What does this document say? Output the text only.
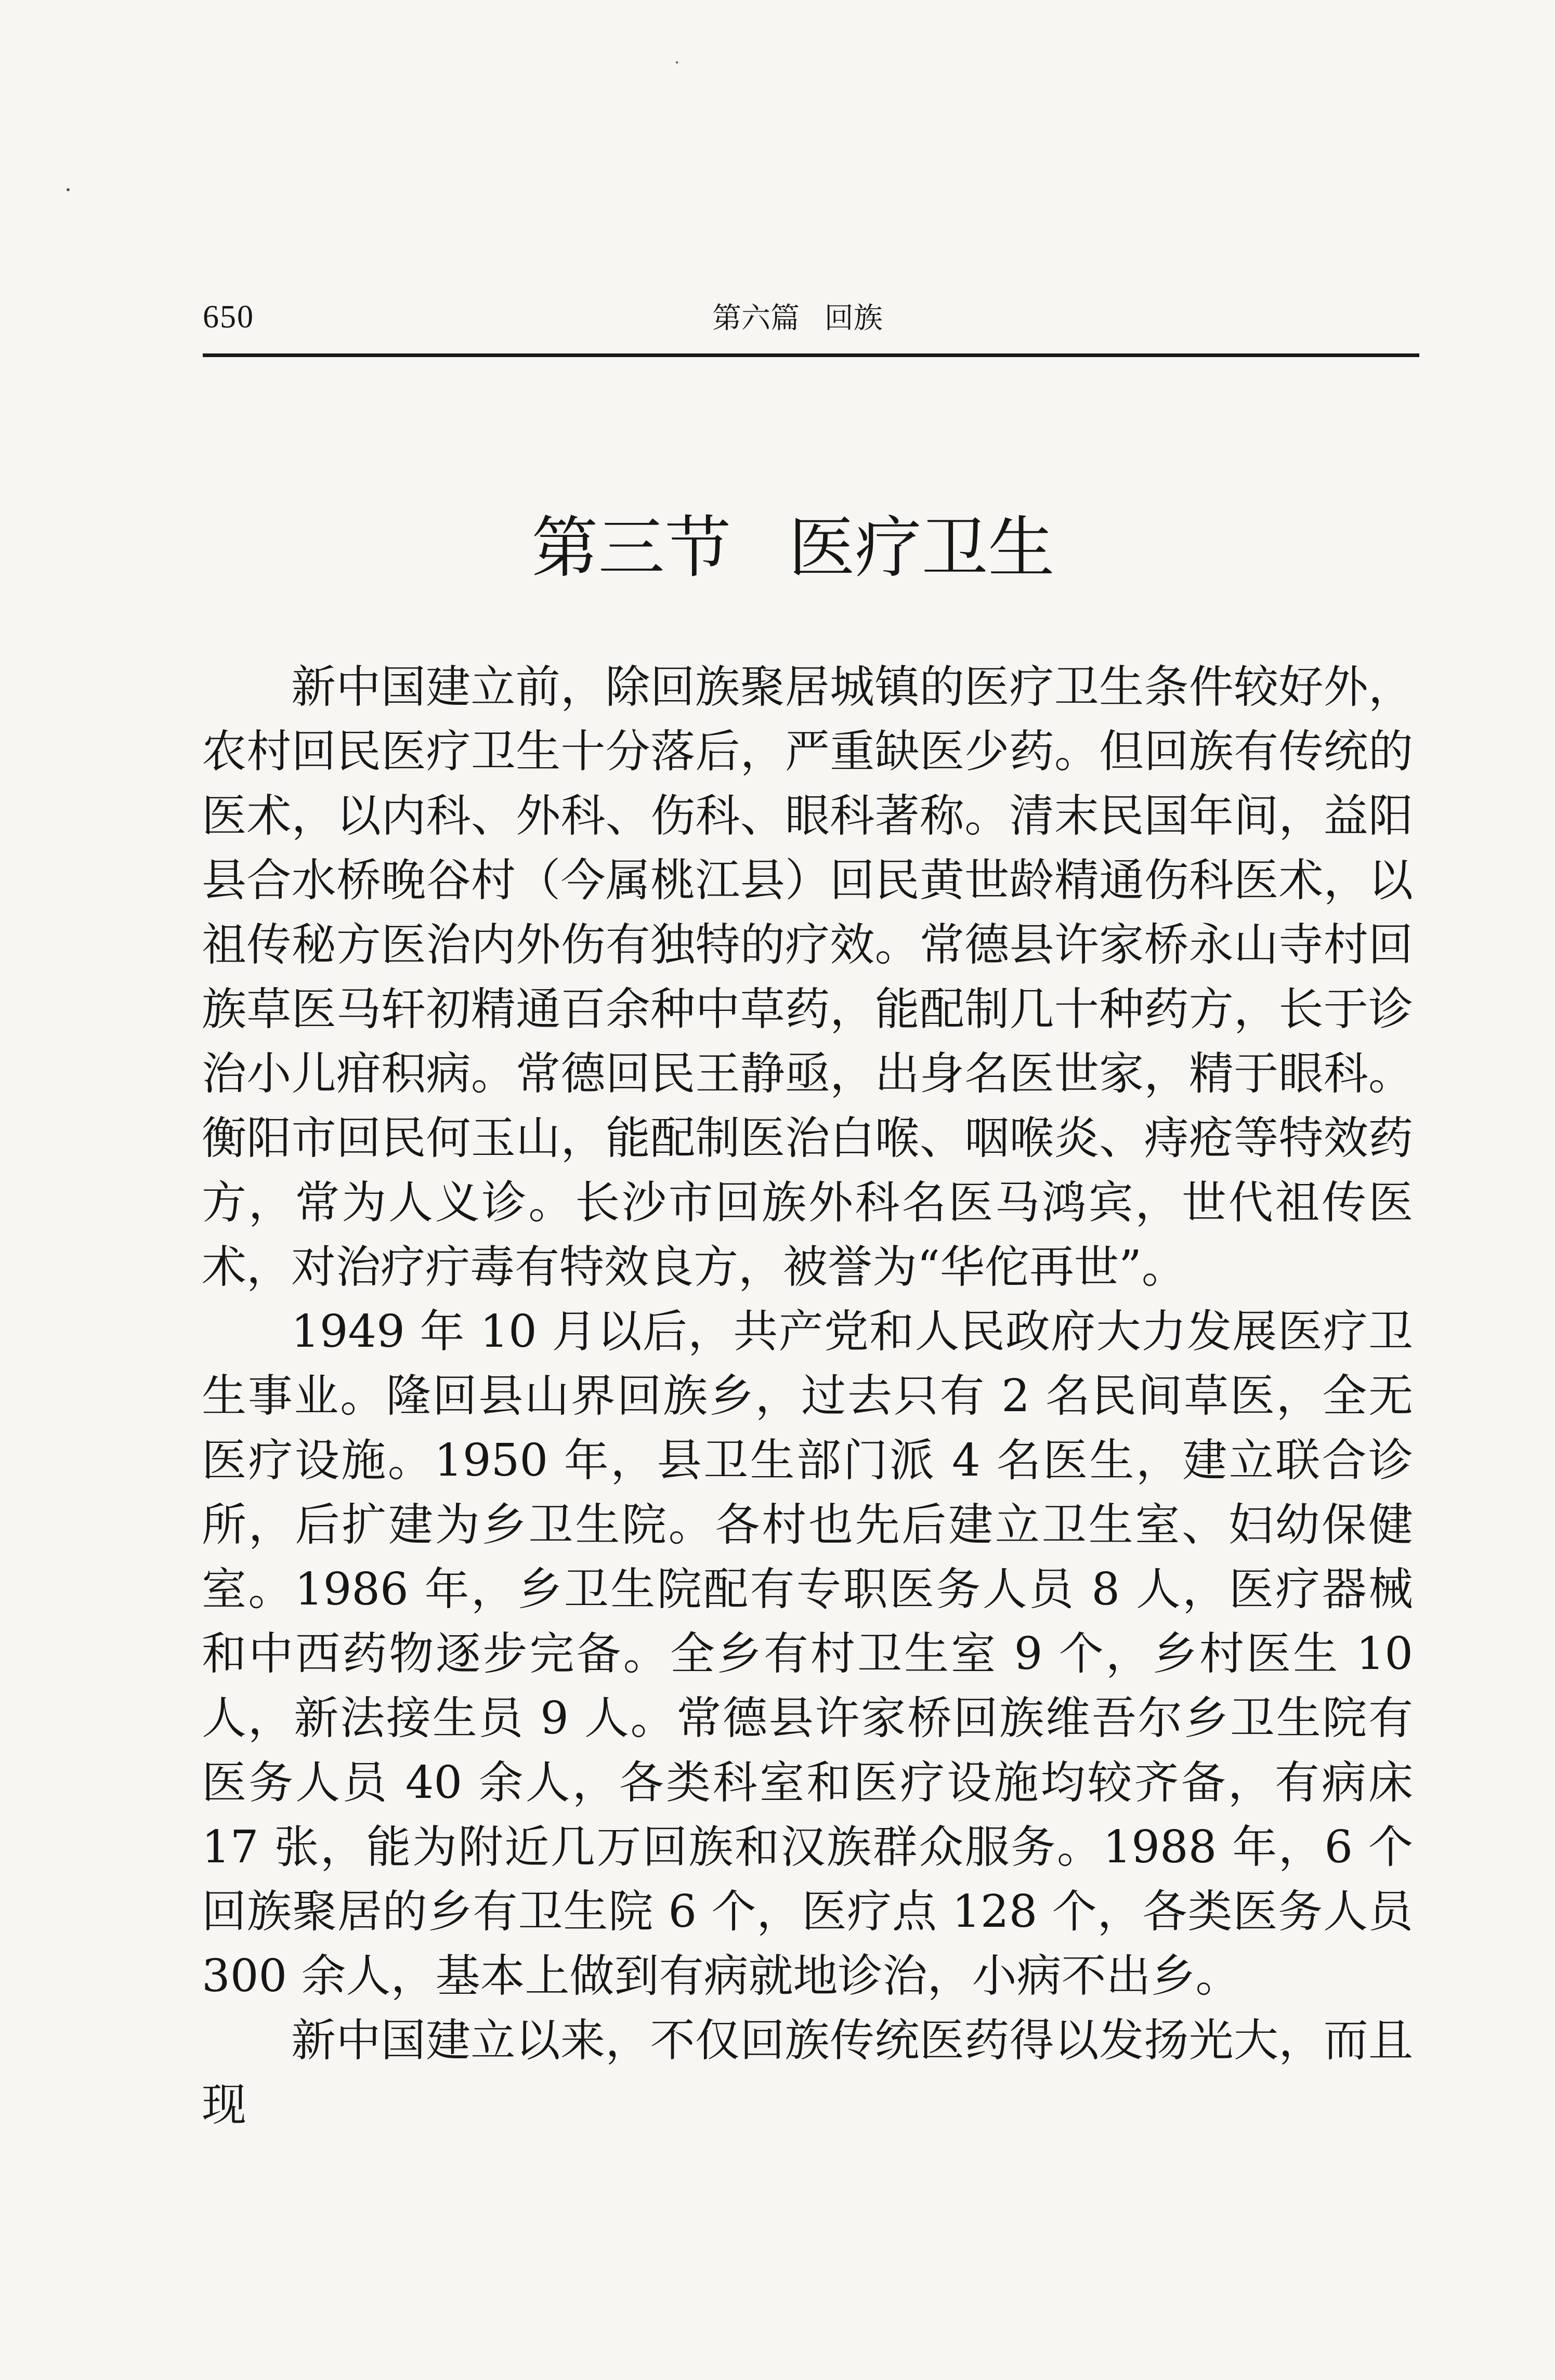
650	第六篇 回族
第三节 医疗卫生

新中国建立前，除回族聚居城镇的医疗卫生条件较好外，农村回民医疗卫生十分落后，严重缺医少药。但回族有传统的医术，以内科、外科、伤科、眼科著称。清末民国年间，益阳县合水桥晚谷村（今属桃江县）回民黄世龄精通伤科医术，以祖传秘方医治内外伤有独特的疗效。常德县许家桥永山寺村回族草医马轩初精通百余种中草药，能配制几十种药方，长于诊治小儿疳积病。常德回民王静亟，出身名医世家，精于眼科。衡阳市回民何玉山，能配制医治白喉、咽喉炎、痔疮等特效药方，常为人义诊。长沙市回族外科名医马鸿宾，世代祖传医术，对治疗疔毒有特效良方，被誉为“华佗再世”。

1949 年 10 月以后，共产党和人民政府大力发展医疗卫生事业。隆回县山界回族乡，过去只有 2 名民间草医，全无医疗设施。1950 年，县卫生部门派 4 名医生，建立联合诊所，后扩建为乡卫生院。各村也先后建立卫生室、妇幼保健室。1986 年，乡卫生院配有专职医务人员 8 人，医疗器械和中西药物逐步完备。全乡有村卫生室 9 个，乡村医生 10 人，新法接生员 9 人。常德县许家桥回族维吾尔乡卫生院有医务人员 40 余人，各类科室和医疗设施均较齐备，有病床 17 张，能为附近几万回族和汉族群众服务。1988 年，6 个回族聚居的乡有卫生院 6 个，医疗点 128 个，各类医务人员 300 余人，基本上做到有病就地诊治，小病不出乡。

新中国建立以来，不仅回族传统医药得以发扬光大，而且现
